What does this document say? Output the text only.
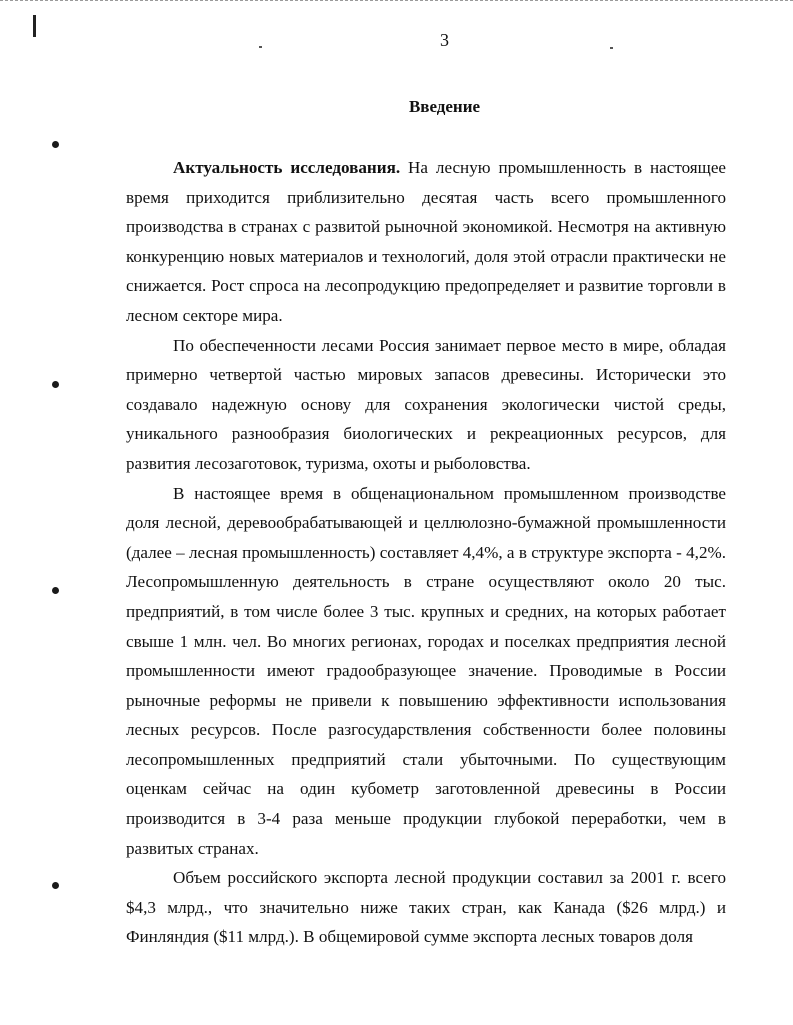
3
Введение

Актуальность исследования. На лесную промышленность в настоящее время приходится приблизительно десятая часть всего промышленного производства в странах с развитой рыночной экономикой. Несмотря на активную конкуренцию новых материалов и технологий, доля этой отрасли практически не снижается. Рост спроса на лесопродукцию предопределяет и развитие торговли в лесном секторе мира.

По обеспеченности лесами Россия занимает первое место в мире, обладая примерно четвертой частью мировых запасов древесины. Исторически это создавало надежную основу для сохранения экологически чистой среды, уникального разнообразия биологических и рекреационных ресурсов, для развития лесозаготовок, туризма, охоты и рыболовства.

В настоящее время в общенациональном промышленном производстве доля лесной, деревообрабатывающей и целлюлозно-бумажной промышленности (далее – лесная промышленность) составляет 4,4%, а в структуре экспорта - 4,2%. Лесопромышленную деятельность в стране осуществляют около 20 тыс. предприятий, в том числе более 3 тыс. крупных и средних, на которых работает свыше 1 млн. чел. Во многих регионах, городах и поселках предприятия лесной промышленности имеют градообразующее значение. Проводимые в России рыночные реформы не привели к повышению эффективности использования лесных ресурсов. После разгосударствления собственности более половины лесопромышленных предприятий стали убыточными. По существующим оценкам сейчас на один кубометр заготовленной древесины в России производится в 3-4 раза меньше продукции глубокой переработки, чем в развитых странах.

Объем российского экспорта лесной продукции составил за 2001 г. всего $4,3 млрд., что значительно ниже таких стран, как Канада ($26 млрд.) и Финляндия ($11 млрд.). В общемировой сумме экспорта лесных товаров доля
